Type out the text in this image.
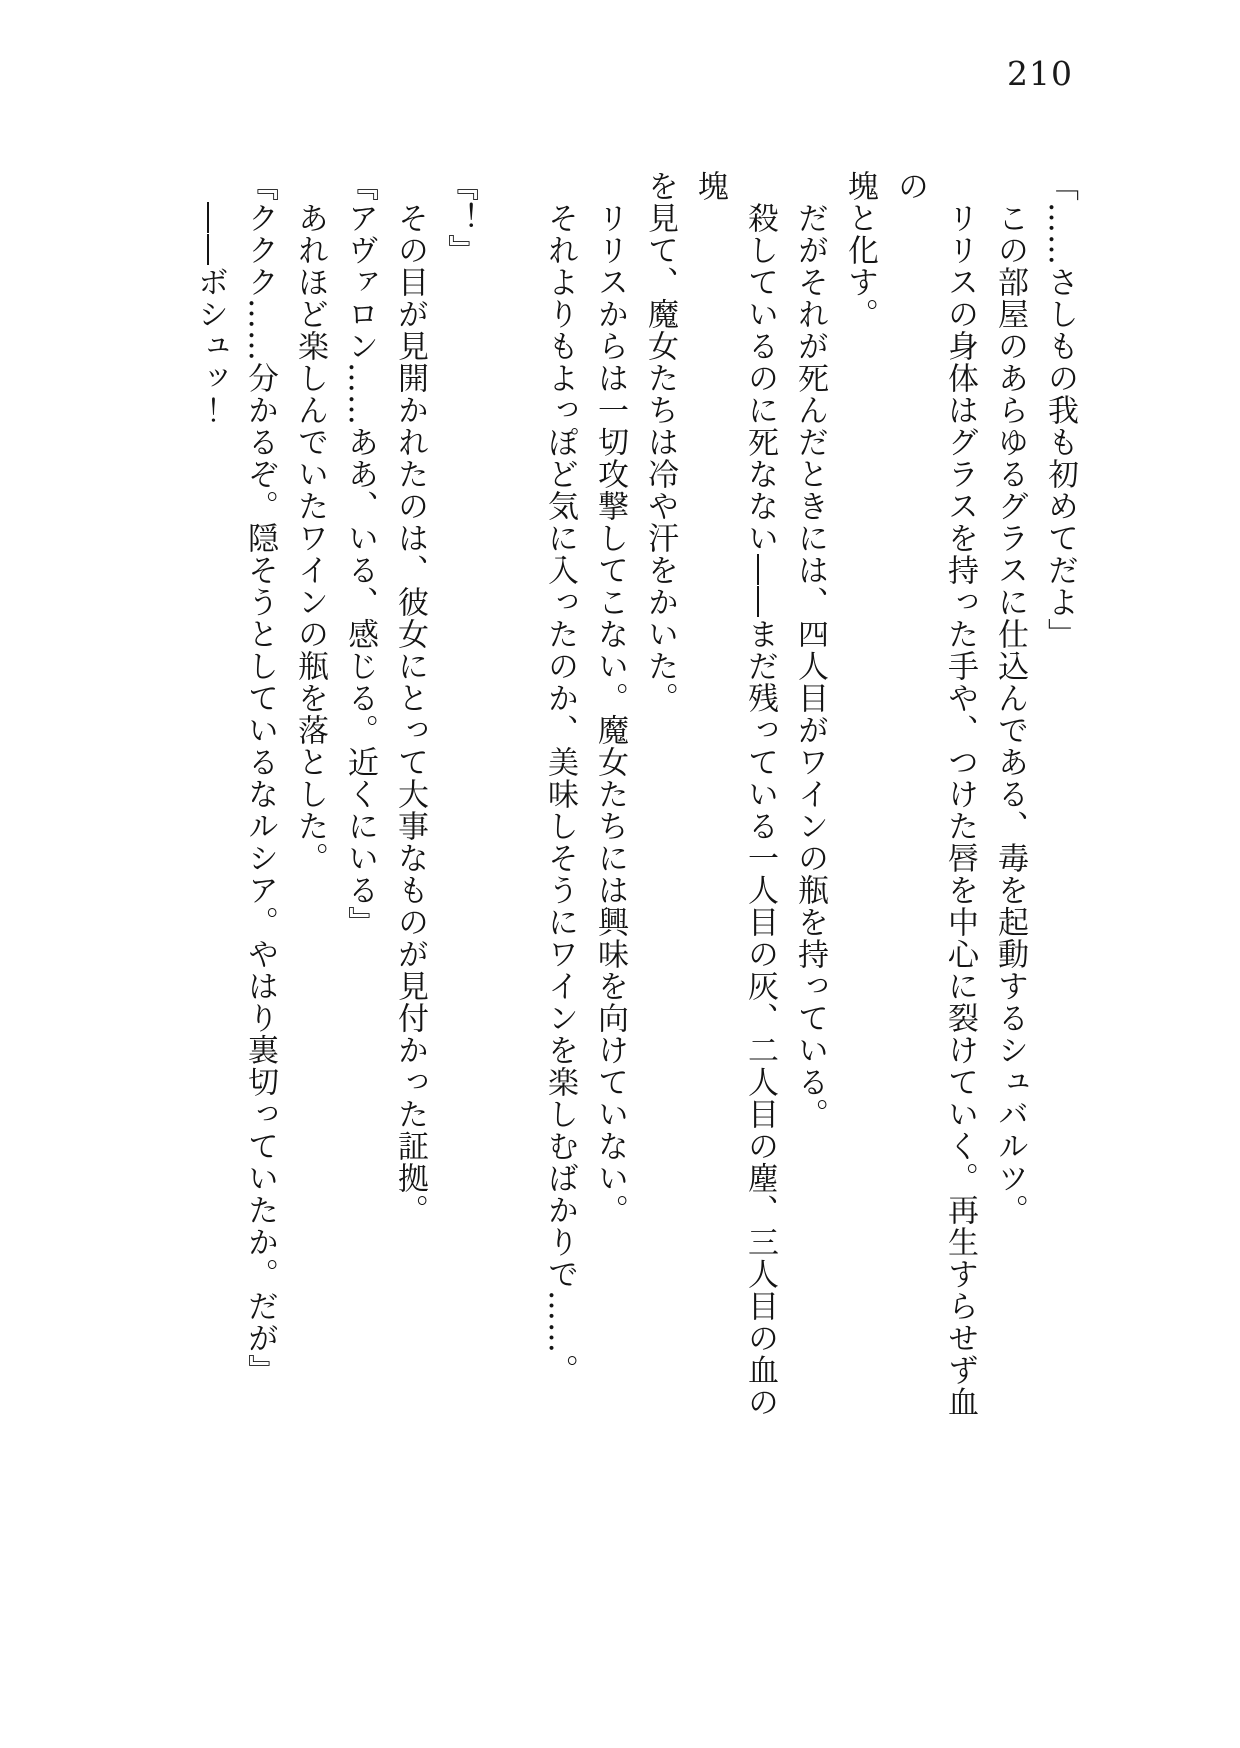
210

「……さしもの我も初めてだよ」

　この部屋のあらゆるグラスに仕込んである、毒を起動するシュバルツ。

　リリスの身体はグラスを持った手や、つけた唇を中心に裂けていく。再生すらせず血の

塊と化す。

　だがそれが死んだときには、四人目がワインの瓶を持っている。

　殺しているのに死なない――まだ残っている一人目の灰、二人目の塵、三人目の血の塊

を見て、魔女たちは冷や汗をかいた。

　リリスからは一切攻撃してこない。魔女たちには興味を向けていない。

　それよりもよっぽど気に入ったのか、美味しそうにワインを楽しむばかりで……。

『！』

　その目が見開かれたのは、彼女にとって大事なものが見付かった証拠。

『アヴァロン……ああ、いる、感じる。近くにいる』

　あれほど楽しんでいたワインの瓶を落とした。

『ククク……分かるぞ。隠そうとしているなルシア。やはり裏切っていたか。だが』

　――ボシュッ！
